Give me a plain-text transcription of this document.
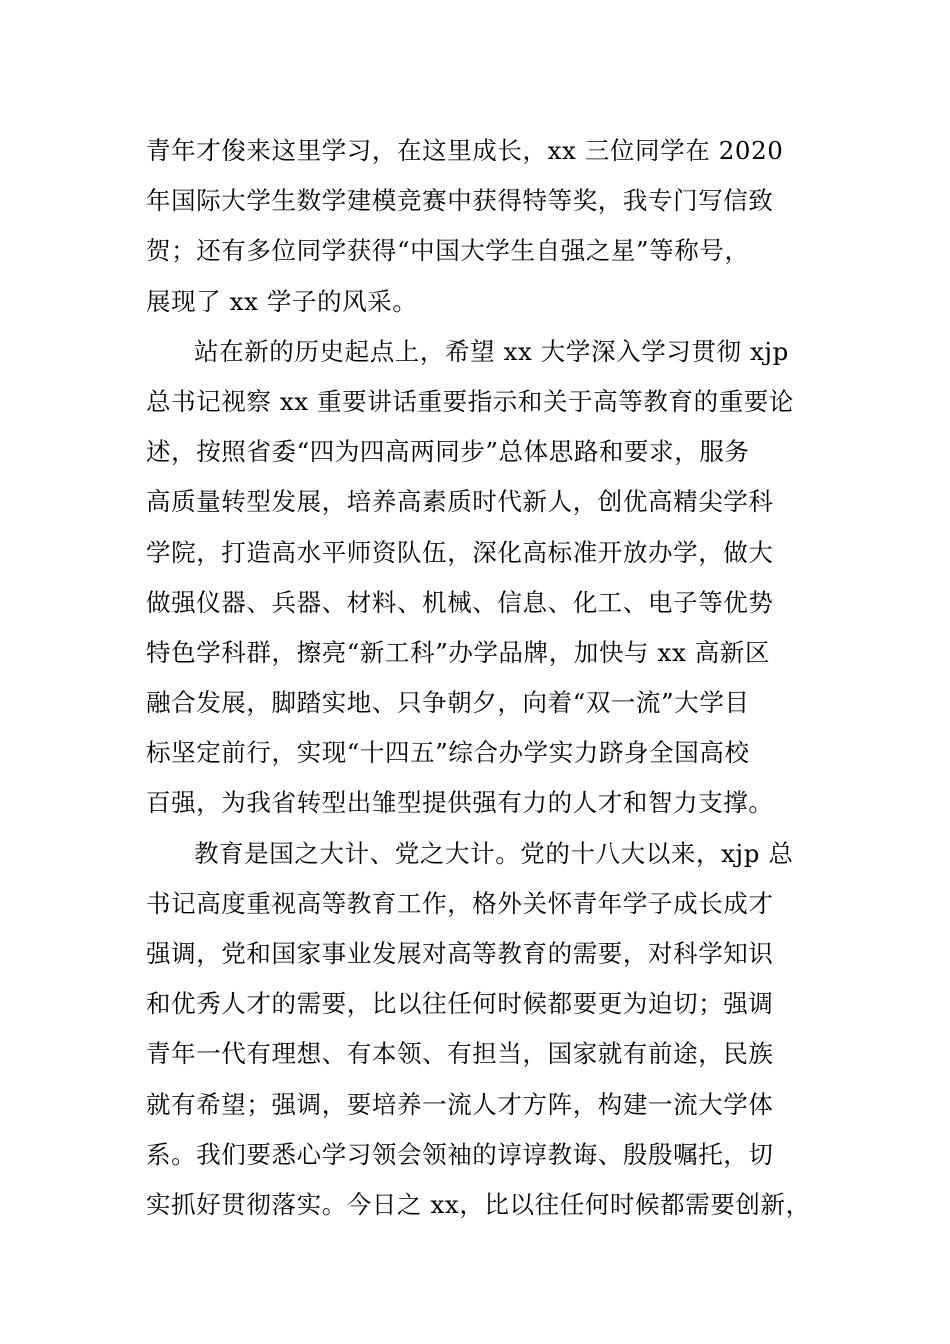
青年才俊来这里学习，在这里成长，xx 三位同学在 2020
年国际大学生数学建模竞赛中获得特等奖，我专门写信致
贺；还有多位同学获得“中国大学生自强之星”等称号，
展现了 xx 学子的风采。
站在新的历史起点上，希望 xx 大学深入学习贯彻 xjp
总书记视察 xx 重要讲话重要指示和关于高等教育的重要论
述，按照省委“四为四高两同步”总体思路和要求，服务
高质量转型发展，培养高素质时代新人，创优高精尖学科
学院，打造高水平师资队伍，深化高标准开放办学，做大
做强仪器、兵器、材料、机械、信息、化工、电子等优势
特色学科群，擦亮“新工科”办学品牌，加快与 xx 高新区
融合发展，脚踏实地、只争朝夕，向着“双一流”大学目
标坚定前行，实现“十四五”综合办学实力跻身全国高校
百强，为我省转型出雏型提供强有力的人才和智力支撑。
教育是国之大计、党之大计。党的十八大以来，xjp 总
书记高度重视高等教育工作，格外关怀青年学子成长成才
强调，党和国家事业发展对高等教育的需要，对科学知识
和优秀人才的需要，比以往任何时候都要更为迫切；强调
青年一代有理想、有本领、有担当，国家就有前途，民族
就有希望；强调，要培养一流人才方阵，构建一流大学体
系。我们要悉心学习领会领袖的谆谆教诲、殷殷嘱托，切
实抓好贯彻落实。今日之 xx，比以往任何时候都需要创新，
